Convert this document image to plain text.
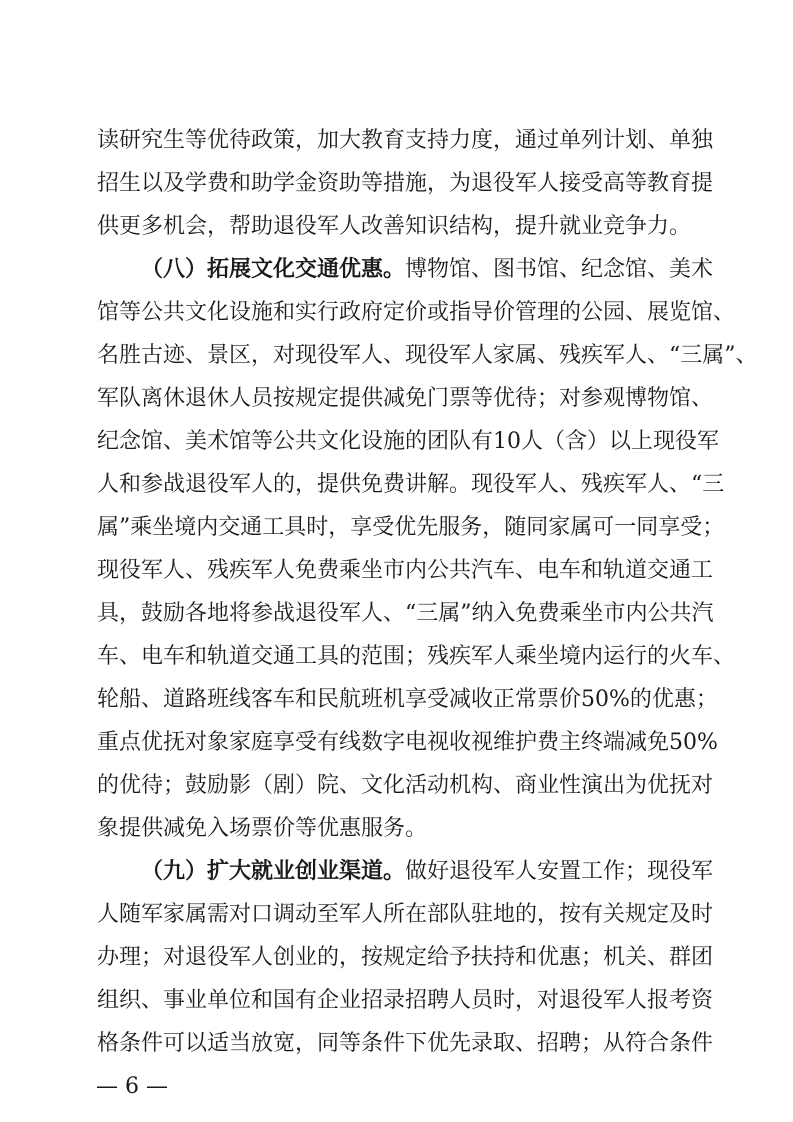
读研究生等优待政策，加大教育支持力度，通过单列计划、单独
招生以及学费和助学金资助等措施，为退役军人接受高等教育提
供更多机会，帮助退役军人改善知识结构，提升就业竞争力。
（八）拓展文化交通优惠。博物馆、图书馆、纪念馆、美术
馆等公共文化设施和实行政府定价或指导价管理的公园、展览馆、
名胜古迹、景区，对现役军人、现役军人家属、残疾军人、“三属”、
军队离休退休人员按规定提供减免门票等优待；对参观博物馆、
纪念馆、美术馆等公共文化设施的团队有10人（含）以上现役军
人和参战退役军人的，提供免费讲解。现役军人、残疾军人、“三
属”乘坐境内交通工具时，享受优先服务，随同家属可一同享受；
现役军人、残疾军人免费乘坐市内公共汽车、电车和轨道交通工
具，鼓励各地将参战退役军人、“三属”纳入免费乘坐市内公共汽
车、电车和轨道交通工具的范围；残疾军人乘坐境内运行的火车、
轮船、道路班线客车和民航班机享受减收正常票价50%的优惠；
重点优抚对象家庭享受有线数字电视收视维护费主终端减免50%
的优待；鼓励影（剧）院、文化活动机构、商业性演出为优抚对
象提供减免入场票价等优惠服务。
（九）扩大就业创业渠道。做好退役军人安置工作；现役军
人随军家属需对口调动至军人所在部队驻地的，按有关规定及时
办理；对退役军人创业的，按规定给予扶持和优惠；机关、群团
组织、事业单位和国有企业招录招聘人员时，对退役军人报考资
格条件可以适当放宽，同等条件下优先录取、招聘；从符合条件
— 6 —
